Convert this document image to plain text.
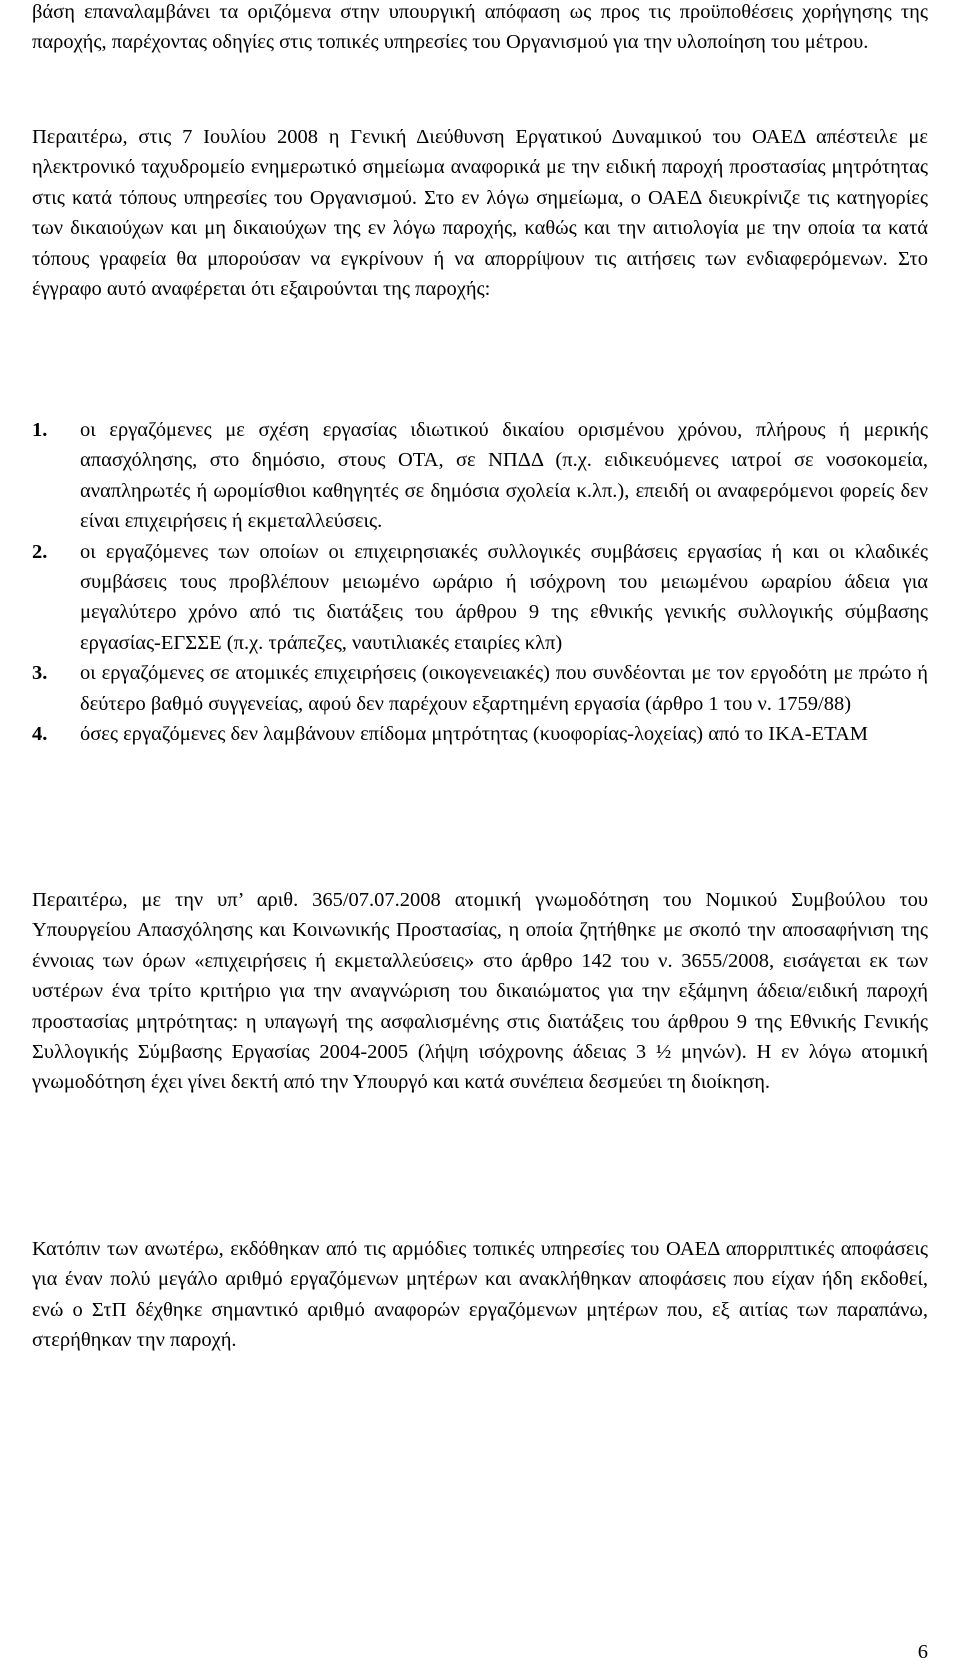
βάση επαναλαμβάνει τα οριζόμενα στην υπουργική απόφαση ως προς τις προϋποθέσεις χορήγησης της παροχής, παρέχοντας οδηγίες στις τοπικές υπηρεσίες του Οργανισμού για την υλοποίηση του μέτρου.

Περαιτέρω, στις 7 Ιουλίου 2008 η Γενική Διεύθυνση Εργατικού Δυναμικού του ΟΑΕΔ απέστειλε με ηλεκτρονικό ταχυδρομείο ενημερωτικό σημείωμα αναφορικά με την ειδική παροχή προστασίας μητρότητας στις κατά τόπους υπηρεσίες του Οργανισμού. Στο εν λόγω σημείωμα, ο ΟΑΕΔ διευκρίνιζε τις κατηγορίες των δικαιούχων και μη δικαιούχων της εν λόγω παροχής, καθώς και την αιτιολογία με την οποία τα κατά τόπους γραφεία θα μπορούσαν να εγκρίνουν ή να απορρίψουν τις αιτήσεις των ενδιαφερόμενων. Στο έγγραφο αυτό αναφέρεται ότι εξαιρούνται της παροχής:

1. οι εργαζόμενες με σχέση εργασίας ιδιωτικού δικαίου ορισμένου χρόνου, πλήρους ή μερικής απασχόλησης, στο δημόσιο, στους ΟΤΑ, σε ΝΠΔΔ (π.χ. ειδικευόμενες ιατροί σε νοσοκομεία, αναπληρωτές ή ωρομίσθιοι καθηγητές σε δημόσια σχολεία κ.λπ.), επειδή οι αναφερόμενοι φορείς δεν είναι επιχειρήσεις ή εκμεταλλεύσεις.
2. οι εργαζόμενες των οποίων οι επιχειρησιακές συλλογικές συμβάσεις εργασίας ή και οι κλαδικές συμβάσεις τους προβλέπουν μειωμένο ωράριο ή ισόχρονη του μειωμένου ωραρίου άδεια για μεγαλύτερο χρόνο από τις διατάξεις του άρθρου 9 της εθνικής γενικής συλλογικής σύμβασης εργασίας-ΕΓΣΣΕ (π.χ. τράπεζες, ναυτιλιακές εταιρίες κλπ)
3. οι εργαζόμενες σε ατομικές επιχειρήσεις (οικογενειακές) που συνδέονται με τον εργοδότη με πρώτο ή δεύτερο βαθμό συγγενείας, αφού δεν παρέχουν εξαρτημένη εργασία (άρθρο 1 του ν. 1759/88)
4. όσες εργαζόμενες δεν λαμβάνουν επίδομα μητρότητας (κυοφορίας-λοχείας) από το ΙΚΑ-ΕΤΑΜ

Περαιτέρω, με την υπ’ αριθ. 365/07.07.2008 ατομική γνωμοδότηση του Νομικού Συμβούλου του Υπουργείου Απασχόλησης και Κοινωνικής Προστασίας, η οποία ζητήθηκε με σκοπό την αποσαφήνιση της έννοιας των όρων «επιχειρήσεις ή εκμεταλλεύσεις» στο άρθρο 142 του ν. 3655/2008, εισάγεται εκ των υστέρων ένα τρίτο κριτήριο για την αναγνώριση του δικαιώματος για την εξάμηνη άδεια/ειδική παροχή προστασίας μητρότητας: η υπαγωγή της ασφαλισμένης στις διατάξεις του άρθρου 9 της Εθνικής Γενικής Συλλογικής Σύμβασης Εργασίας 2004-2005 (λήψη ισόχρονης άδειας 3 ½ μηνών). Η εν λόγω ατομική γνωμοδότηση έχει γίνει δεκτή από την Υπουργό και κατά συνέπεια δεσμεύει τη διοίκηση.

Κατόπιν των ανωτέρω, εκδόθηκαν από τις αρμόδιες τοπικές υπηρεσίες του ΟΑΕΔ απορριπτικές αποφάσεις για έναν πολύ μεγάλο αριθμό εργαζόμενων μητέρων και ανακλήθηκαν αποφάσεις που είχαν ήδη εκδοθεί, ενώ ο ΣτΠ δέχθηκε σημαντικό αριθμό αναφορών εργαζόμενων μητέρων που, εξ αιτίας των παραπάνω, στερήθηκαν την παροχή.

6
